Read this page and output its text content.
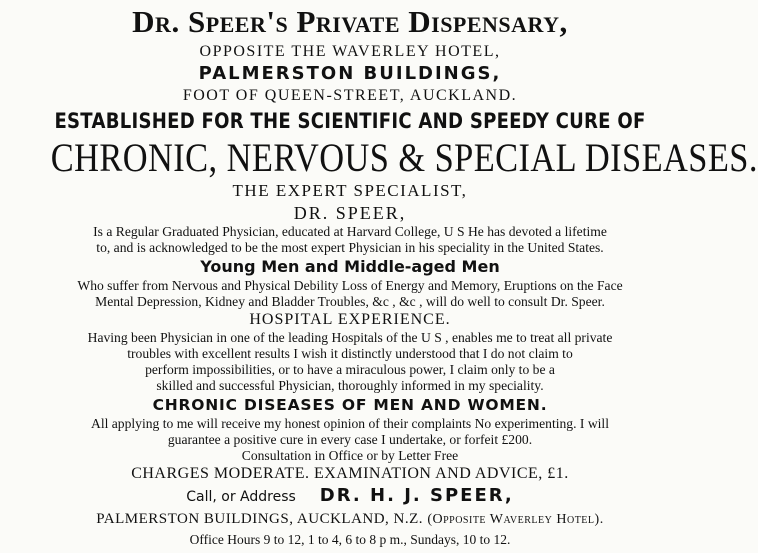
Dr. Speer's Private Dispensary,

OPPOSITE THE WAVERLEY HOTEL,

PALMERSTON BUILDINGS,

FOOT OF QUEEN-STREET, AUCKLAND.

ESTABLISHED FOR THE SCIENTIFIC AND SPEEDY CURE OF

CHRONIC, NERVOUS & SPECIAL DISEASES.

THE EXPERT SPECIALIST,

DR. SPEER,

Is a Regular Graduated Physician, educated at Harvard College, U S He has devoted a lifetime

to, and is acknowledged to be the most expert Physician in his speciality in the United States.

Young Men and Middle-aged Men

Who suffer from Nervous and Physical Debility Loss of Energy and Memory, Eruptions on the Face

Mental Depression, Kidney and Bladder Troubles, &c , &c , will do well to consult Dr. Speer.

HOSPITAL EXPERIENCE.

Having been Physician in one of the leading Hospitals of the U S , enables me to treat all private

troubles with excellent results I wish it distinctly understood that I do not claim to

perform impossibilities, or to have a miraculous power, I claim only to be a

skilled and successful Physician, thoroughly informed in my speciality.

CHRONIC DISEASES OF MEN AND WOMEN.

All applying to me will receive my honest opinion of their complaints No experimenting. I will

guarantee a positive cure in every case I undertake, or forfeit £200.

Consultation in Office or by Letter Free

CHARGES MODERATE. EXAMINATION AND ADVICE, £1.

Call, or Address DR. H. J. SPEER,

PALMERSTON BUILDINGS, AUCKLAND, N.Z. (Opposite Waverley Hotel).

Office Hours 9 to 12, 1 to 4, 6 to 8 p m., Sundays, 10 to 12.
